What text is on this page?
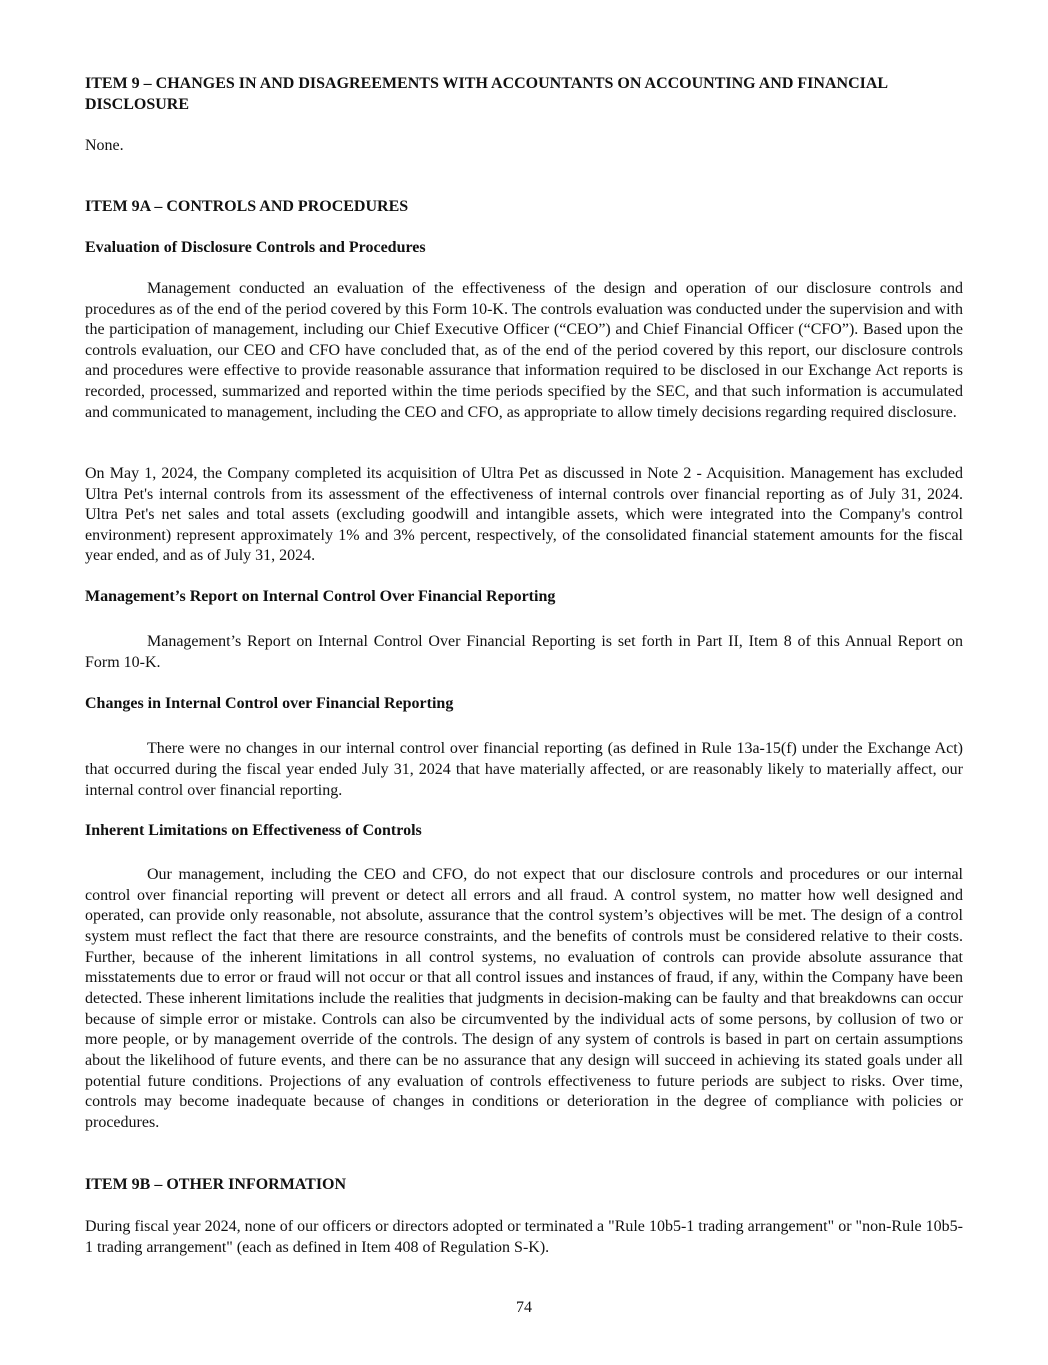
ITEM 9 – CHANGES IN AND DISAGREEMENTS WITH ACCOUNTANTS ON ACCOUNTING AND FINANCIAL DISCLOSURE

None.

ITEM 9A – CONTROLS AND PROCEDURES
Evaluation of Disclosure Controls and Procedures

Management conducted an evaluation of the effectiveness of the design and operation of our disclosure controls and procedures as of the end of the period covered by this Form 10-K. The controls evaluation was conducted under the supervision and with the participation of management, including our Chief Executive Officer (“CEO”) and Chief Financial Officer (“CFO”). Based upon the controls evaluation, our CEO and CFO have concluded that, as of the end of the period covered by this report, our disclosure controls and procedures were effective to provide reasonable assurance that information required to be disclosed in our Exchange Act reports is recorded, processed, summarized and reported within the time periods specified by the SEC, and that such information is accumulated and communicated to management, including the CEO and CFO, as appropriate to allow timely decisions regarding required disclosure.

On May 1, 2024, the Company completed its acquisition of Ultra Pet as discussed in Note 2 - Acquisition. Management has excluded Ultra Pet's internal controls from its assessment of the effectiveness of internal controls over financial reporting as of July 31, 2024. Ultra Pet's net sales and total assets (excluding goodwill and intangible assets, which were integrated into the Company's control environment) represent approximately 1% and 3% percent, respectively, of the consolidated financial statement amounts for the fiscal year ended, and as of July 31, 2024.

Management’s Report on Internal Control Over Financial Reporting

Management’s Report on Internal Control Over Financial Reporting is set forth in Part II, Item 8 of this Annual Report on Form 10-K.

Changes in Internal Control over Financial Reporting

There were no changes in our internal control over financial reporting (as defined in Rule 13a-15(f) under the Exchange Act) that occurred during the fiscal year ended July 31, 2024 that have materially affected, or are reasonably likely to materially affect, our internal control over financial reporting.

Inherent Limitations on Effectiveness of Controls

Our management, including the CEO and CFO, do not expect that our disclosure controls and procedures or our internal control over financial reporting will prevent or detect all errors and all fraud. A control system, no matter how well designed and operated, can provide only reasonable, not absolute, assurance that the control system’s objectives will be met. The design of a control system must reflect the fact that there are resource constraints, and the benefits of controls must be considered relative to their costs. Further, because of the inherent limitations in all control systems, no evaluation of controls can provide absolute assurance that misstatements due to error or fraud will not occur or that all control issues and instances of fraud, if any, within the Company have been detected. These inherent limitations include the realities that judgments in decision-making can be faulty and that breakdowns can occur because of simple error or mistake. Controls can also be circumvented by the individual acts of some persons, by collusion of two or more people, or by management override of the controls. The design of any system of controls is based in part on certain assumptions about the likelihood of future events, and there can be no assurance that any design will succeed in achieving its stated goals under all potential future conditions. Projections of any evaluation of controls effectiveness to future periods are subject to risks. Over time, controls may become inadequate because of changes in conditions or deterioration in the degree of compliance with policies or procedures.

ITEM 9B – OTHER INFORMATION

During fiscal year 2024, none of our officers or directors adopted or terminated a "Rule 10b5-1 trading arrangement" or "non-Rule 10b5-1 trading arrangement" (each as defined in Item 408 of Regulation S-K).

74
